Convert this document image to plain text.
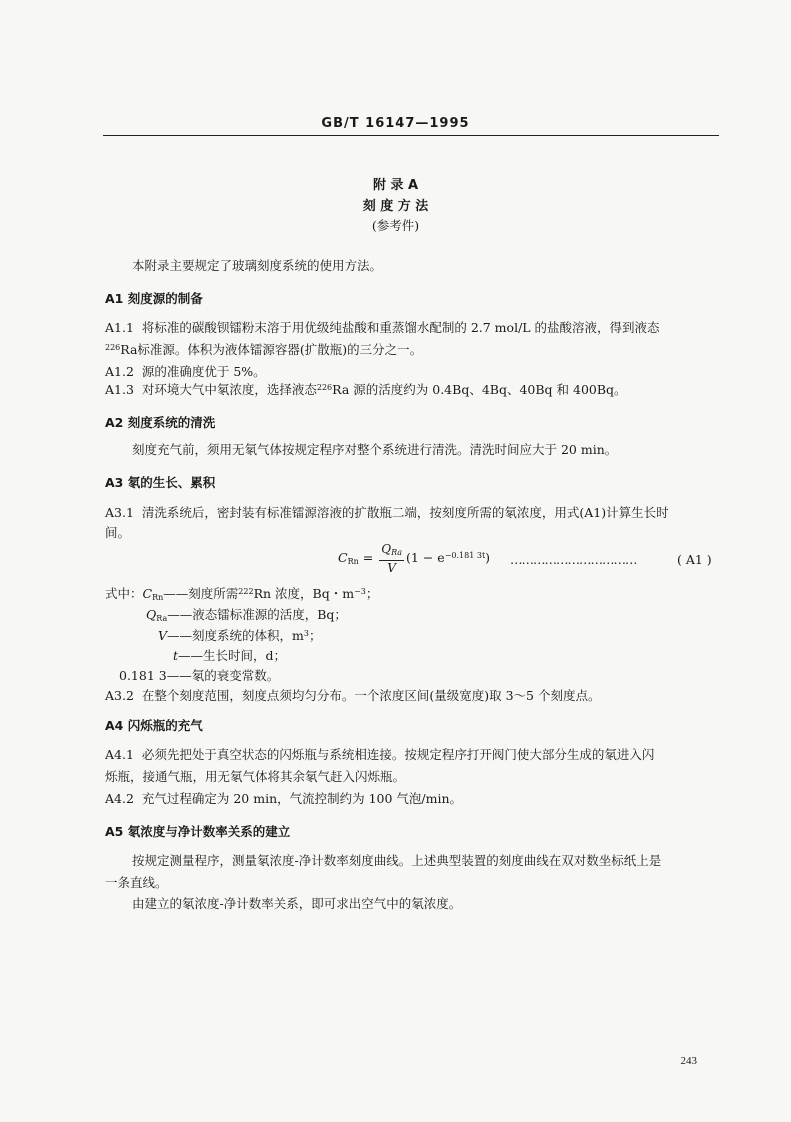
GB/T 16147—1995
附 录 A
刻 度 方 法
(参考件)
本附录主要规定了玻璃刻度系统的使用方法。
A1 刻度源的制备
A1.1 将标准的碳酸钡镭粉末溶于用优级纯盐酸和重蒸馏水配制的 2.7 mol/L 的盐酸溶液，得到液态
$^{226}$Ra标准源。体积为液体镭源容器(扩散瓶)的三分之一。
A1.2 源的准确度优于 5%。
A1.3 对环境大气中氡浓度，选择液态$^{226}$Ra 源的活度约为 0.4Bq、4Bq、40Bq 和 400Bq。
A2 刻度系统的清洗
刻度充气前，须用无氡气体按规定程序对整个系统进行清洗。清洗时间应大于 20 min。
A3 氡的生长、累积
A3.1 清洗系统后，密封装有标准镭源溶液的扩散瓶二端，按刻度所需的氡浓度，用式(A1)计算生长时
间。
$C_{Rn} = \frac{Q_{Ra}}{V} (1 - e^{-0.181 3t})$ ……………………………	( A1 )
式中：$C_{Rn}——$刻度所需$^{222}$Rn 浓度，Bq・$m^{-3}$；
$Q_{Ra}——$液态镭标准源的活度，Bq；
V——刻度系统的体积，$m^3$；
t——生长时间，d；
0.181 3——氡的衰变常数。
A3.2 在整个刻度范围，刻度点须均匀分布。一个浓度区间(量级宽度)取 3～5 个刻度点。
A4 闪烁瓶的充气
A4.1 必须先把处于真空状态的闪烁瓶与系统相连接。按规定程序打开阀门使大部分生成的氡进入闪
烁瓶，接通气瓶，用无氡气体将其余氡气赶入闪烁瓶。
A4.2 充气过程确定为 20 min，气流控制约为 100 气泡/min。
A5 氡浓度与净计数率关系的建立
按规定测量程序，测量氡浓度-净计数率刻度曲线。上述典型装置的刻度曲线在双对数坐标纸上是
一条直线。
由建立的氡浓度-净计数率关系，即可求出空气中的氡浓度。
243
